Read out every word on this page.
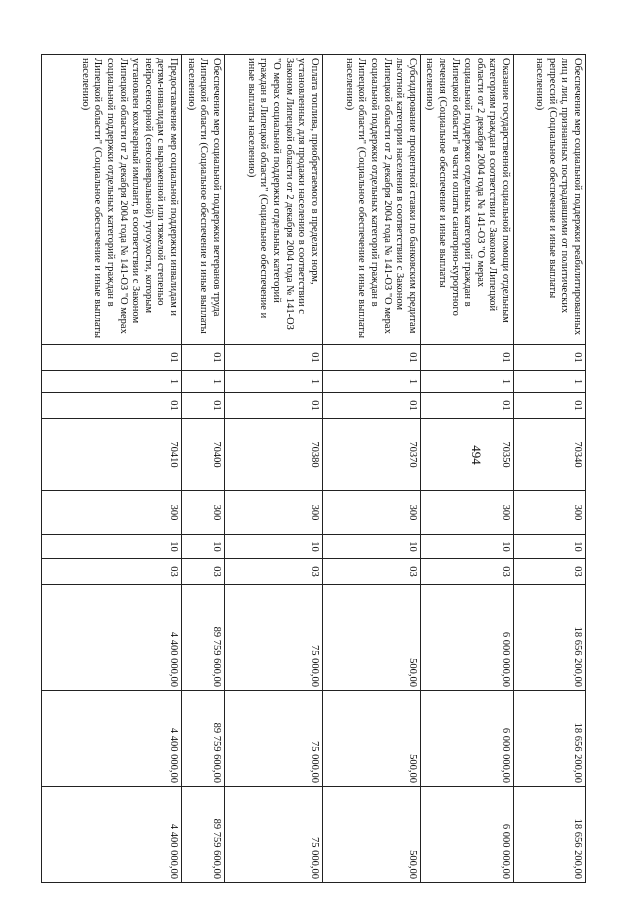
494
Обеспечение мер социальной поддержки реабилитированных лиц и лиц, признанных пострадавшими от политических репрессий (Социальное обеспечение и иные выплаты населению)	01	1	01	70340	300	10	03	18 656 200,00	18 656 200,00	18 656 200,00
Оказание государственной социальной помощи отдельным категориям граждан в соответствии с Законом Липецкой области от 2 декабря 2004 года № 141-ОЗ "О мерах социальной поддержки отдельных категорий граждан в Липецкой области" в части оплаты санаторно-курортного лечения (Социальное обеспечение и иные выплаты населению)	01	1	01	70350	300	10	03	6 000 000,00	6 000 000,00	6 000 000,00
Субсидирование процентной ставки по банковским кредитам льготной категории населения в соответствии с Законом Липецкой области от 2 декабря 2004 года № 141-ОЗ "О мерах социальной поддержки отдельных категорий граждан в Липецкой области" (Социальное обеспечение и иные выплаты населению)	01	1	01	70370	300	10	03	500,00	500,00	500,00
Оплата топлива, приобретаемого в пределах норм, установленных для продажи населению в соответствии с Законом Липецкой области от 2 декабря 2004 года № 141-ОЗ "О мерах социальной поддержки отдельных категорий граждан в Липецкой области" (Социальное обеспечение и иные выплаты населению)	01	1	01	70380	300	10	03	75 000,00	75 000,00	75 000,00
Обеспечение мер социальной поддержки ветеранов труда Липецкой области (Социальное обеспечение и иные выплаты населению)	01	1	01	70400	300	10	03	89 759 600,00	89 759 600,00	89 759 600,00
Предоставление мер социальной поддержки инвалидам и детям-инвалидам с выраженной или тяжелой степенью нейросенсорной (сенсоневральной) тугоухости, которым установлен кохлеарный имплант, в соответствии с Законом Липецкой области от 2 декабря 2004 года № 141-ОЗ "О мерах социальной поддержки отдельных категорий граждан в Липецкой области" (Социальное обеспечение и иные выплаты населению)	01	1	01	70410	300	10	03	4 400 000,00	4 400 000,00	4 400 000,00
